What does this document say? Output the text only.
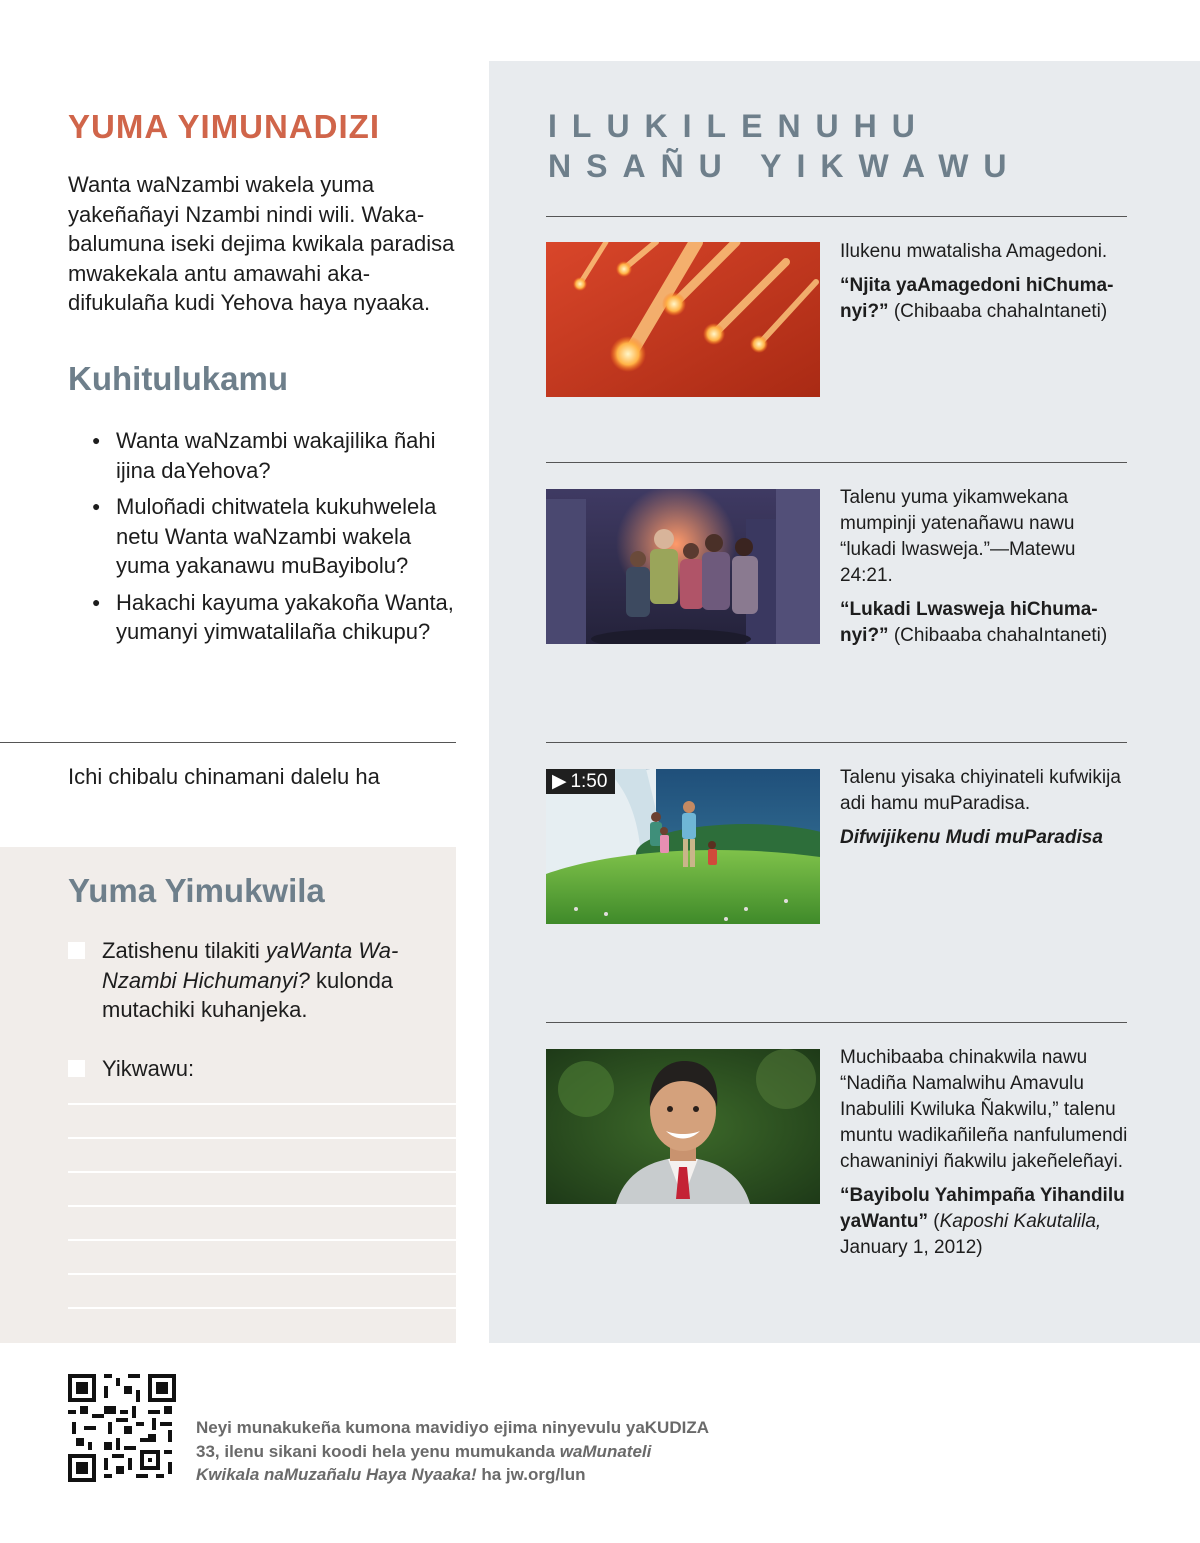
YUMA YIMUNADIZI
Wanta waNzambi wakela yuma yakeñañayi Nzambi nindi wili. Wakabalumuna iseki dejima kwikala paradisa mwakekala antu amawahi akadifukulaña kudi Yehova haya nyaaka.
Kuhitulukamu
● Wanta waNzambi wakajilika ñahi ijina daYehova?
● Muloñadi chitwatela kukuhwelela netu Wanta waNzambi wakela yuma yakanawu muBayibolu?
● Hakachi kayuma yakakoña Wanta, yumanyi yimwatalilaña chikupu?
Ichi chibalu chinamani dalelu ha
Yuma Yimukwila
Zatishenu tilakiti yaWanta WaNzambi Hichumanyi? kulonda mutachiki kuhanjeka.
Yikwawu:
ILUKILENUHU NSAÑU YIKWAWU

Ilukenu mwatalisha Amagedoni.

“Njita yaAmagedoni hiChumanyi?” (Chibaaba chahaIntaneti)

Talenu yuma yikamwekana mumpinji yatenañawu nawu “lukadi lwasweja.”—Matewu 24:21.

“Lukadi Lwasweja hiChumanyi?” (Chibaaba chahaIntaneti)

▶  1:50	Talenu yisaka chiyinateli kufwikija adi hamu muParadisa.

Difwijikenu Mudi muParadisa

Muchibaaba chinakwila nawu “Nadiña Namalwihu Amavulu Inabulili Kwiluka Ñakwilu,” talenu muntu wadikañileña nanfulumendi chawaniniyi ñakwilu jakeñeleñayi.

“Bayibolu Yahimpaña Yihandilu yaWantu” (Kaposhi Kakutalila, January 1, 2012)

Neyi munakukeña kumona mavidiyo ejima ninyevulu yaKUDIZA 33, ilenu sikani koodi hela yenu mumukanda waMunateli Kwikala naMuzañalu Haya Nyaaka! ha jw.org/lun
